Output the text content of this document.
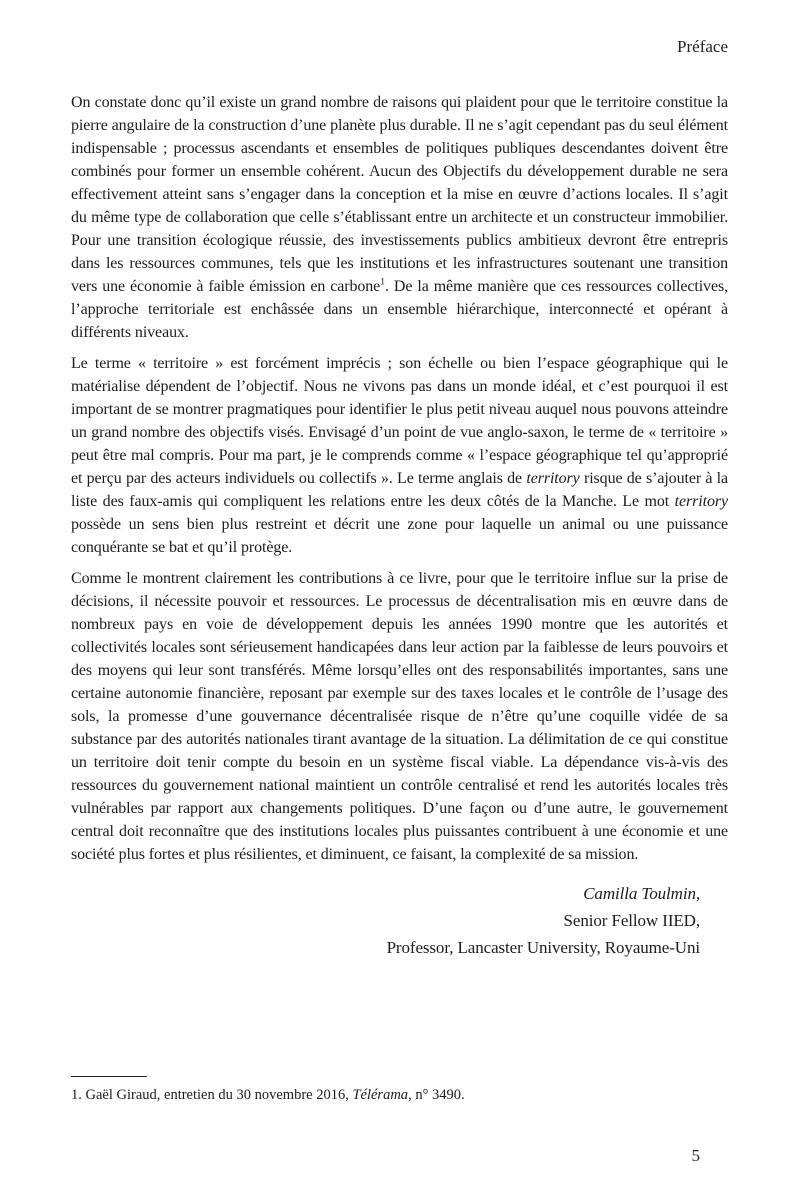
Préface

On constate donc qu’il existe un grand nombre de raisons qui plaident pour que le territoire constitue la pierre angulaire de la construction d’une planète plus durable. Il ne s’agit cependant pas du seul élément indispensable ; processus ascendants et ensembles de politiques publiques descendantes doivent être combinés pour former un ensemble cohérent. Aucun des Objectifs du développement durable ne sera effectivement atteint sans s’engager dans la conception et la mise en œuvre d’actions locales. Il s’agit du même type de collaboration que celle s’établissant entre un architecte et un constructeur immobilier. Pour une transition écologique réussie, des investissements publics ambitieux devront être entrepris dans les ressources communes, tels que les institutions et les infrastructures soutenant une transition vers une économie à faible émission en carbone$^1$. De la même manière que ces ressources collectives, l’approche territoriale est enchâssée dans un ensemble hiérarchique, interconnecté et opérant à différents niveaux.

Le terme « territoire » est forcément imprécis ; son échelle ou bien l’espace géographique qui le matérialise dépendent de l’objectif. Nous ne vivons pas dans un monde idéal, et c’est pourquoi il est important de se montrer pragmatiques pour identifier le plus petit niveau auquel nous pouvons atteindre un grand nombre des objectifs visés. Envisagé d’un point de vue anglo-saxon, le terme de « territoire » peut être mal compris. Pour ma part, je le comprends comme « l’espace géographique tel qu’approprié et perçu par des acteurs individuels ou collectifs ». Le terme anglais de territory risque de s’ajouter à la liste des faux-amis qui compliquent les relations entre les deux côtés de la Manche. Le mot territory possède un sens bien plus restreint et décrit une zone pour laquelle un animal ou une puissance conquérante se bat et qu’il protège.

Comme le montrent clairement les contributions à ce livre, pour que le territoire influe sur la prise de décisions, il nécessite pouvoir et ressources. Le processus de décentralisation mis en œuvre dans de nombreux pays en voie de développement depuis les années 1990 montre que les autorités et collectivités locales sont sérieusement handicapées dans leur action par la faiblesse de leurs pouvoirs et des moyens qui leur sont transférés. Même lorsqu’elles ont des responsabilités importantes, sans une certaine autonomie financière, reposant par exemple sur des taxes locales et le contrôle de l’usage des sols, la promesse d’une gouvernance décentralisée risque de n’être qu’une coquille vidée de sa substance par des autorités nationales tirant avantage de la situation. La délimitation de ce qui constitue un territoire doit tenir compte du besoin en un système fiscal viable. La dépendance vis-à-vis des ressources du gouvernement national maintient un contrôle centralisé et rend les autorités locales très vulnérables par rapport aux changements politiques. D’une façon ou d’une autre, le gouvernement central doit reconnaître que des institutions locales plus puissantes contribuent à une économie et une société plus fortes et plus résilientes, et diminuent, ce faisant, la complexité de sa mission.

Camilla Toulmin,
Senior Fellow IIED,
Professor, Lancaster University, Royaume-Uni
1. Gaël Giraud, entretien du 30 novembre 2016, Télérama, n° 3490.
5
